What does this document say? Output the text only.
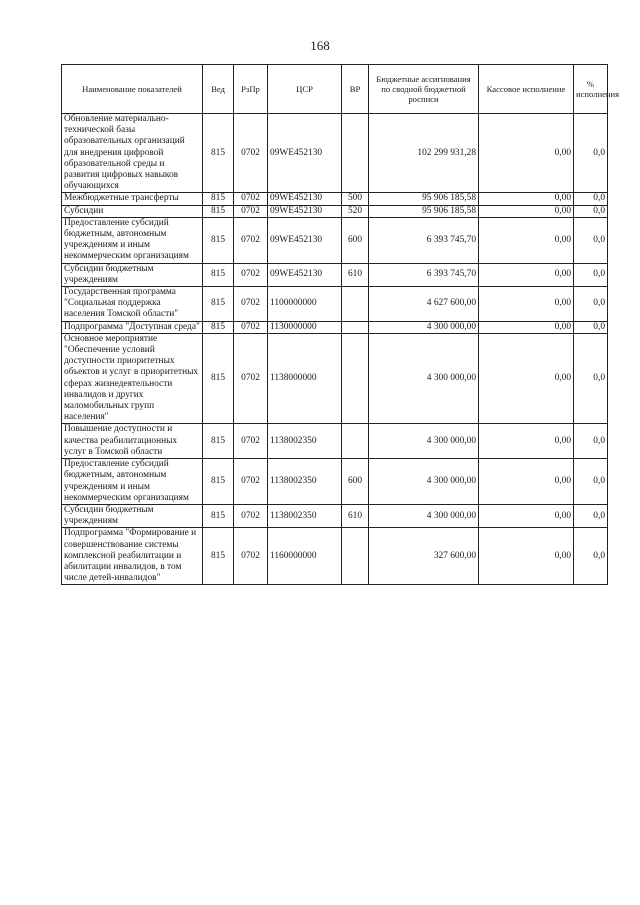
168
Наименование показателей	Вед	РзПр	ЦСР	ВР	Бюджетные ассигнования по сводной бюджетной росписи	Кассовое исполнение	% исполнения
Обновление материально-технической базы образовательных организаций для внедрения цифровой образовательной среды и развития цифровых навыков обучающихся	815	0702	09WE452130		102 299 931,28	0,00	0,0
Межбюджетные трансферты	815	0702	09WE452130	500	95 906 185,58	0,00	0,0
Субсидии	815	0702	09WE452130	520	95 906 185,58	0,00	0,0
Предоставление субсидий бюджетным, автономным учреждениям и иным некоммерческим организациям	815	0702	09WE452130	600	6 393 745,70	0,00	0,0
Субсидии бюджетным учреждениям	815	0702	09WE452130	610	6 393 745,70	0,00	0,0
Государственная программа "Социальная поддержка населения Томской области"	815	0702	1100000000		4 627 600,00	0,00	0,0
Подпрограмма "Доступная среда"	815	0702	1130000000		4 300 000,00	0,00	0,0
Основное мероприятие "Обеспечение условий доступности приоритетных объектов и услуг в приоритетных сферах жизнедеятельности инвалидов и других маломобильных групп населения"	815	0702	1138000000		4 300 000,00	0,00	0,0
Повышение доступности и качества реабилитационных услуг в Томской области	815	0702	1138002350		4 300 000,00	0,00	0,0
Предоставление субсидий бюджетным, автономным учреждениям и иным некоммерческим организациям	815	0702	1138002350	600	4 300 000,00	0,00	0,0
Субсидии бюджетным учреждениям	815	0702	1138002350	610	4 300 000,00	0,00	0,0
Подпрограмма "Формирование и совершенствование системы комплексной реабилитации и абилитации инвалидов, в том числе детей-инвалидов"	815	0702	1160000000		327 600,00	0,00	0,0
